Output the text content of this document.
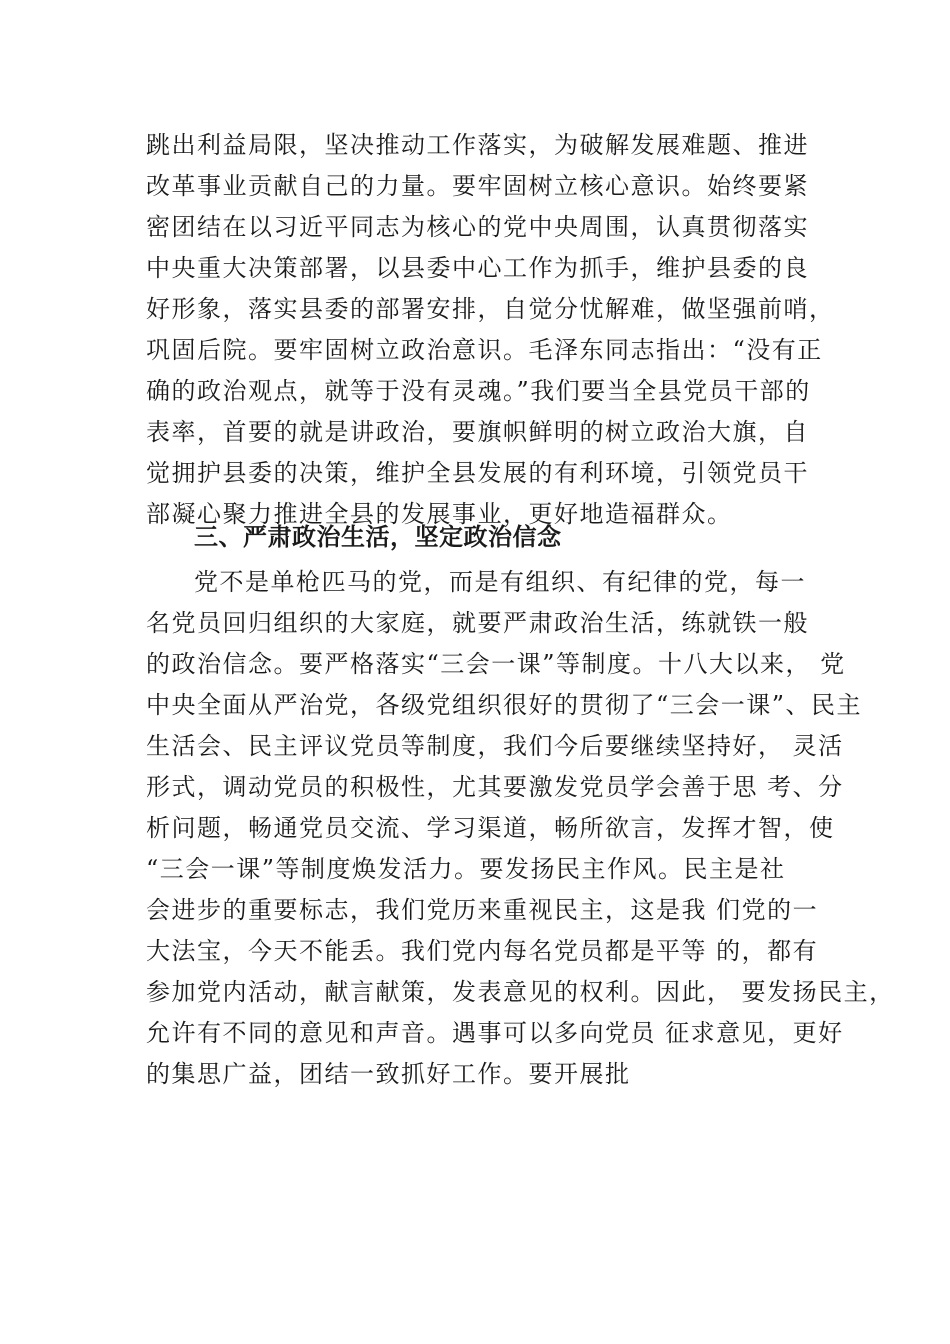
跳出利益局限，坚决推动工作落实，为破解发展难题、推进
改革事业贡献自己的力量。要牢固树立核心意识。始终要紧
密团结在以习近平同志为核心的党中央周围，认真贯彻落实
中央重大决策部署，以县委中心工作为抓手，维护县委的良
好形象，落实县委的部署安排，自觉分忧解难，做坚强前哨，
巩固后院。要牢固树立政治意识。毛泽东同志指出：“没有正
确的政治观点，就等于没有灵魂。”我们要当全县党员干部的
表率，首要的就是讲政治，要旗帜鲜明的树立政治大旗，自
觉拥护县委的决策，维护全县发展的有利环境，引领党员干
部凝心聚力推进全县的发展事业，更好地造福群众。
三、严肃政治生活，坚定政治信念
党不是单枪匹马的党，而是有组织、有纪律的党，每一
名党员回归组织的大家庭，就要严肃政治生活，练就铁一般
的政治信念。要严格落实“三会一课”等制度。十八大以来， 党
中央全面从严治党，各级党组织很好的贯彻了“三会一课”、民主
生活会、民主评议党员等制度，我们今后要继续坚持好， 灵活
形式，调动党员的积极性，尤其要激发党员学会善于思 考、分
析问题，畅通党员交流、学习渠道，畅所欲言，发挥才智，使
“三会一课”等制度焕发活力。要发扬民主作风。民主是社
会进步的重要标志，我们党历来重视民主，这是我 们党的一
大法宝，今天不能丢。我们党内每名党员都是平等 的，都有
参加党内活动，献言献策，发表意见的权利。因此， 要发扬民主，
允许有不同的意见和声音。遇事可以多向党员 征求意见，更好
的集思广益，团结一致抓好工作。要开展批
